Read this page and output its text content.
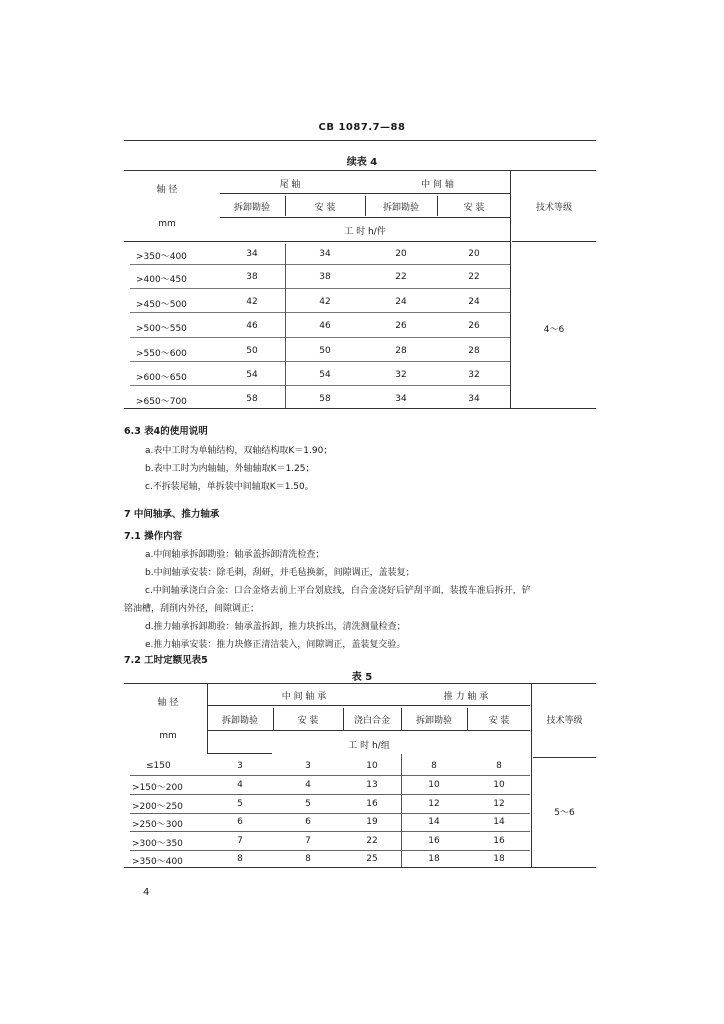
CB 1087.7—88
续表 4
轴 径
mm
尾 轴	中 间 轴
拆卸勘验	安 装	拆卸勘验	安 装
工 时 h/件
技术等级
4～6
>350～400	34	34	20	20
>400～450	38	38	22	22
>450～500	42	42	24	24
>500～550	46	46	26	26
>550～600	50	50	28	28
>600～650	54	54	32	32
>650～700	58	58	34	34
6.3 表4的使用说明
a.表中工时为单轴结构，双轴结构取K＝1.90；
b.表中工时为内轴轴，外轴轴取K＝1.25；
c.不拆装尾轴，单拆装中间轴取K＝1.50。
7 中间轴承、推力轴承
7.1 操作内容
a.中间轴承拆卸勘验：轴承盖拆卸清洗检查；
b.中间轴承安装：除毛刺，刮研，并毛毡换新，间隙调正，盖装复；
c.中间轴承浇白合金：口合金烙去前上平台划底线，白合金浇好后铲刮平面，装拨车准后拆开，铲
铭油槽，刮削内外径，间隙调正；
d.推力轴承拆卸勘验：轴承盖拆卸，推力块拆出，清洗测量检查；
e.推力轴承安装：推力块修正清洁装入，间隙调正，盖装复交验。
7.2 工时定额见表5
表 5
轴 径
mm
中 间 轴 承	推 力 轴 承
拆卸勘验	安 装	浇白合金	拆卸勘验	安 装
工 时 h/组
技术等级
5～6
≤150	3	3	10	8	8
>150～200	4	4	13	10	10
>200～250	5	5	16	12	12
>250～300	6	6	19	14	14
>300～350	7	7	22	16	16
>350～400	8	8	25	18	18
4
